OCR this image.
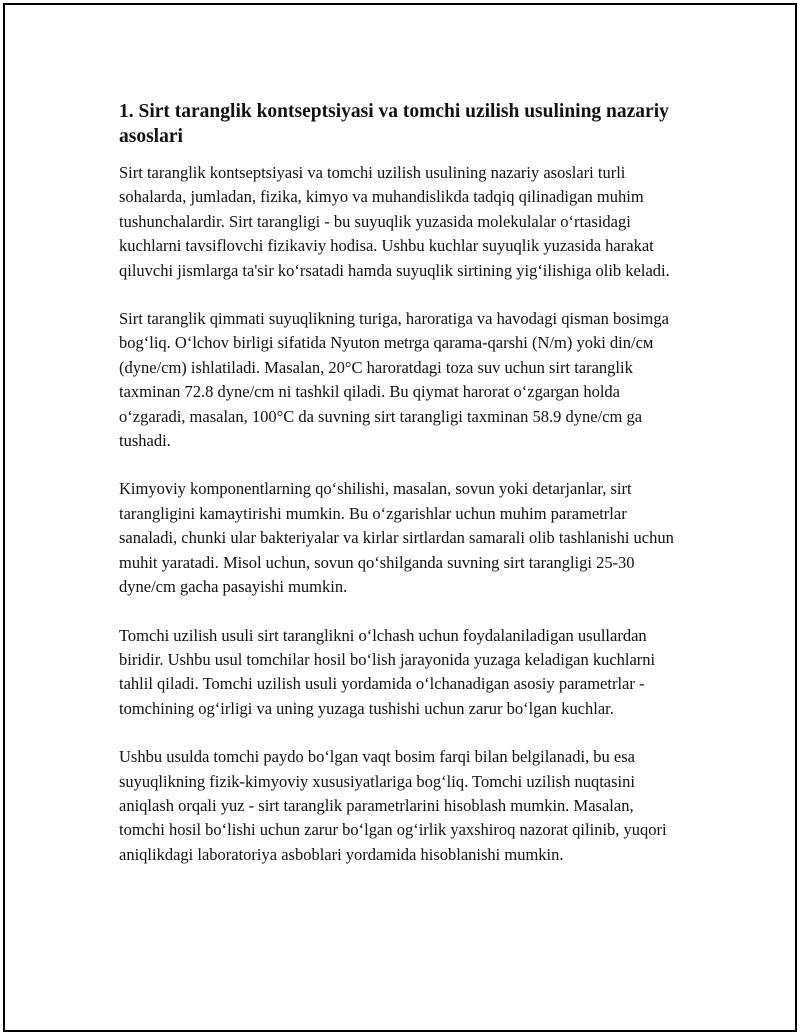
1. Sirt taranglik kontseptsiyasi va tomchi uzilish usulining nazariy asoslari

Sirt taranglik kontseptsiyasi va tomchi uzilish usulining nazariy asoslari turli sohalarda, jumladan, fizika, kimyo va muhandislikda tadqiq qilinadigan muhim tushunchalardir. Sirt tarangligi - bu suyuqlik yuzasida molekulalar o‘rtasidagi kuchlarni tavsiflovchi fizikaviy hodisa. Ushbu kuchlar suyuqlik yuzasida harakat qiluvchi jismlarga ta'sir ko‘rsatadi hamda suyuqlik sirtining yig‘ilishiga olib keladi.

Sirt taranglik qimmati suyuqlikning turiga, haroratiga va havodagi qisman bosimga bog‘liq. O‘lchov birligi sifatida Nyuton metrga qarama-qarshi (N/m) yoki din/см (dyne/cm) ishlatiladi. Masalan, 20°C haroratdagi toza suv uchun sirt taranglik taxminan 72.8 dyne/cm ni tashkil qiladi. Bu qiymat harorat o‘zgargan holda o‘zgaradi, masalan, 100°C da suvning sirt tarangligi taxminan 58.9 dyne/cm ga tushadi.

Kimyoviy komponentlarning qo‘shilishi, masalan, sovun yoki detarjanlar, sirt tarangligini kamaytirishi mumkin. Bu o‘zgarishlar uchun muhim parametrlar sanaladi, chunki ular bakteriyalar va kirlar sirtlardan samarali olib tashlanishi uchun muhit yaratadi. Misol uchun, sovun qo‘shilganda suvning sirt tarangligi 25-30 dyne/cm gacha pasayishi mumkin.

Tomchi uzilish usuli sirt taranglikni o‘lchash uchun foydalaniladigan usullardan biridir. Ushbu usul tomchilar hosil bo‘lish jarayonida yuzaga keladigan kuchlarni tahlil qiladi. Tomchi uzilish usuli yordamida o‘lchanadigan asosiy parametrlar - tomchining og‘irligi va uning yuzaga tushishi uchun zarur bo‘lgan kuchlar.

Ushbu usulda tomchi paydo bo‘lgan vaqt bosim farqi bilan belgilanadi, bu esa suyuqlikning fizik-kimyoviy xususiyatlariga bog‘liq. Tomchi uzilish nuqtasini aniqlash orqali yuz - sirt taranglik parametrlarini hisoblash mumkin. Masalan, tomchi hosil bo‘lishi uchun zarur bo‘lgan og‘irlik yaxshiroq nazorat qilinib, yuqori aniqlikdagi laboratoriya asboblari yordamida hisoblanishi mumkin.
